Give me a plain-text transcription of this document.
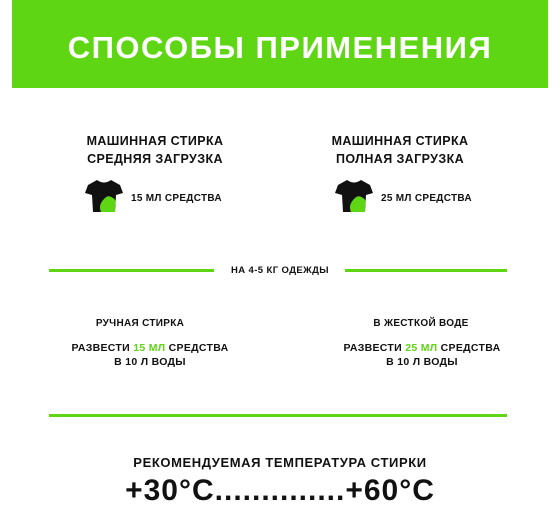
СПОСОБЫ ПРИМЕНЕНИЯ
МАШИННАЯ СТИРКА
СРЕДНЯЯ ЗАГРУЗКА
15 МЛ СРЕДСТВА
МАШИННАЯ СТИРКА
ПОЛНАЯ ЗАГРУЗКА
25 МЛ СРЕДСТВА
НА 4-5 КГ ОДЕЖДЫ
РУЧНАЯ СТИРКА
РАЗВЕСТИ 15 МЛ СРЕДСТВА
В 10 Л ВОДЫ
В ЖЕСТКОЙ ВОДЕ
РАЗВЕСТИ 25 МЛ СРЕДСТВА
В 10 Л ВОДЫ
РЕКОМЕНДУЕМАЯ ТЕМПЕРАТУРА СТИРКИ
+30°C..............+60°C
